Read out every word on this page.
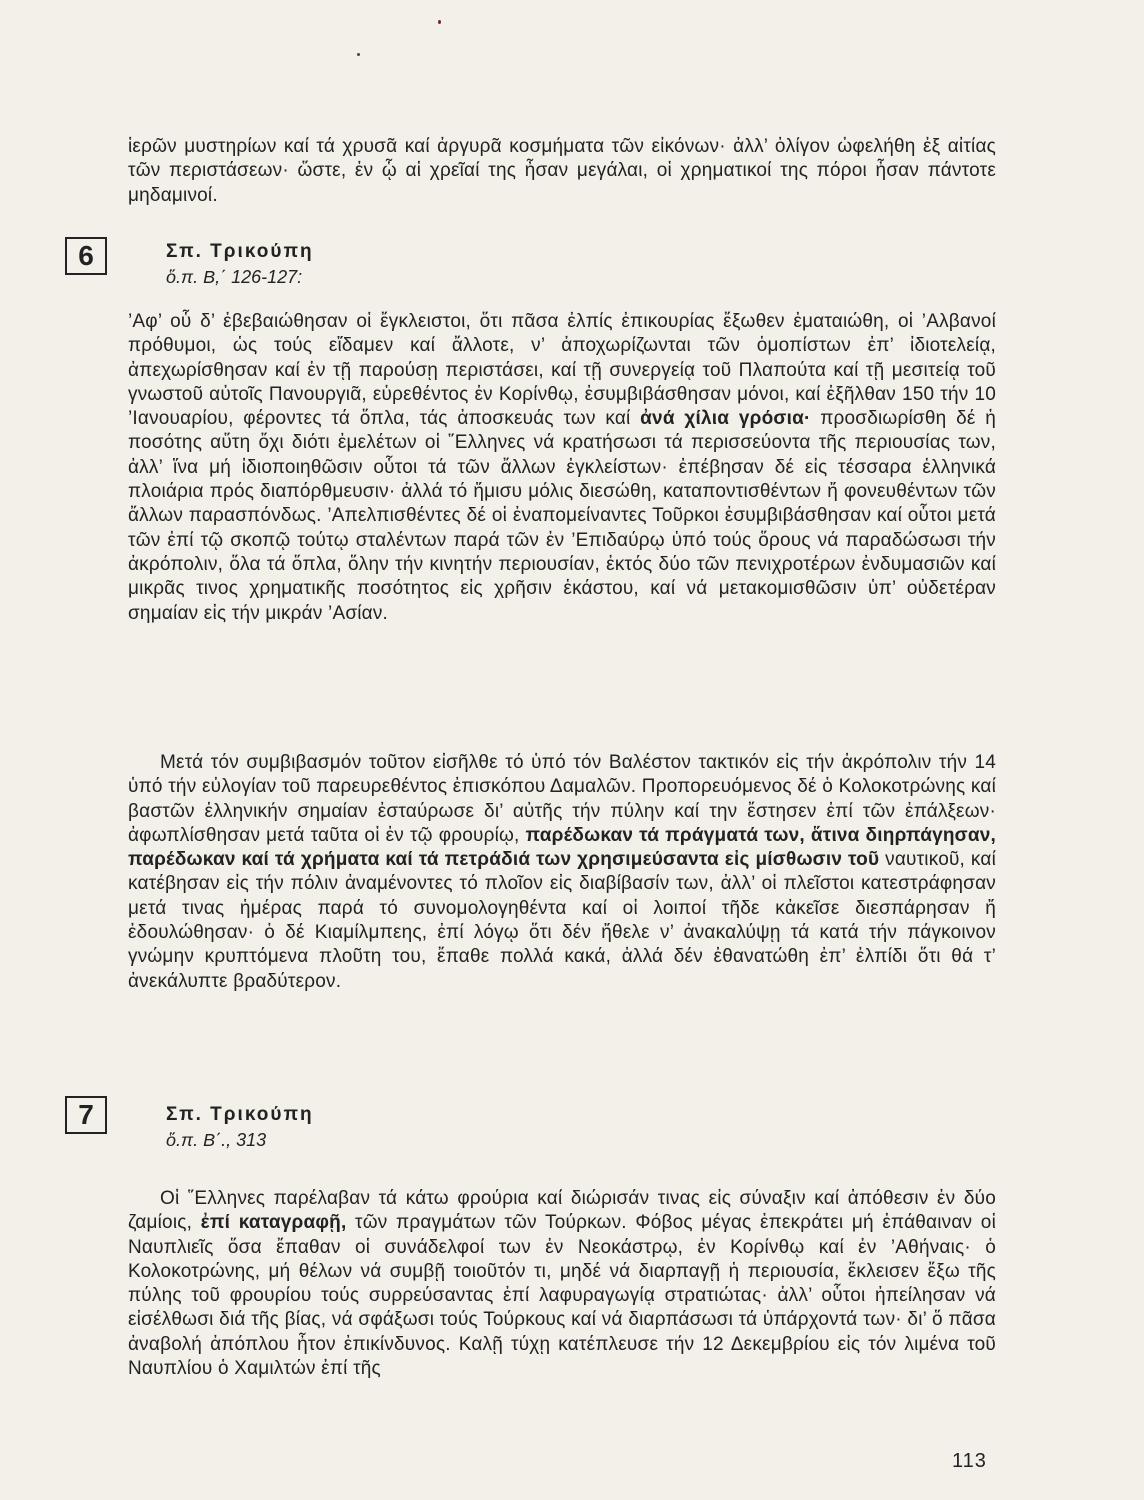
ἱερῶν μυστηρίων καί τά χρυσᾶ καί ἀργυρᾶ κοσμήματα τῶν εἰκόνων· ἀλλ’ ὀλίγον ὠφελήθη ἐξ αἰτίας τῶν περιστάσεων· ὥστε, ἐν ᾧ αἱ χρεῖαί της ἦσαν μεγάλαι, οἱ χρηματικοί της πόροι ἦσαν πάντοτε μηδαμινοί.

6	Σπ. Τρικούπη
ὅ.π. Β,΄ 126-127:

’Αφ’ οὗ δ’ ἐβεβαιώθησαν οἱ ἔγκλειστοι, ὅτι πᾶσα ἐλπίς ἐπικουρίας ἔξωθεν ἐματαιώθη, οἱ ’Αλβανοί πρόθυμοι, ὡς τούς εἴδαμεν καί ἄλλοτε, ν’ ἀποχωρίζωνται τῶν ὁμοπίστων ἐπ’ ἰδιοτελείᾳ, ἀπεχωρίσθησαν καί ἐν τῇ παρούσῃ περιστάσει, καί τῇ συνεργείᾳ τοῦ Πλαπούτα καί τῇ μεσιτείᾳ τοῦ γνωστοῦ αὐτοῖς Πανουργιᾶ, εὑρεθέντος ἐν Κορίνθῳ, ἐσυμβιβάσθησαν μόνοι, καί ἐξῆλθαν 150 τήν 10 ’Ιανουαρίου, φέροντες τά ὅπλα, τάς ἀποσκευάς των καί ἀνά χίλια γρόσια· προσδιωρίσθη δέ ἡ ποσότης αὕτη ὄχι διότι ἐμελέτων οἱ ῞Ελληνες νά κρατήσωσι τά περισσεύοντα τῆς περιουσίας των, ἀλλ’ ἵνα μή ἰδιοποιηθῶσιν οὗτοι τά τῶν ἄλλων ἐγκλείστων· ἐπέβησαν δέ εἰς τέσσαρα ἑλληνικά πλοιάρια πρός διαπόρθμευσιν· ἀλλά τό ἥμισυ μόλις διεσώθη, καταποντισθέντων ἤ φονευθέντων τῶν ἄλλων παρασπόνδως. ’Απελπισθέντες δέ οἱ ἐναπομείναντες Τοῦρκοι ἐσυμβιβάσθησαν καί οὗτοι μετά τῶν ἐπί τῷ σκοπῷ τούτῳ σταλέντων παρά τῶν ἐν ’Επιδαύρῳ ὑπό τούς ὅρους νά παραδώσωσι τήν ἀκρόπολιν, ὅλα τά ὅπλα, ὅλην τήν κινητήν περιουσίαν, ἐκτός δύο τῶν πενιχροτέρων ἐνδυμασιῶν καί μικρᾶς τινος χρηματικῆς ποσότητος εἰς χρῆσιν ἑκάστου, καί νά μετακομισθῶσιν ὑπ’ οὐδετέραν σημαίαν εἰς τήν μικράν ’Ασίαν.

Μετά τόν συμβιβασμόν τοῦτον εἰσῆλθε τό ὑπό τόν Βαλέστον τακτικόν εἰς τήν ἀκρόπολιν τήν 14 ὑπό τήν εὐλογίαν τοῦ παρευρεθέντος ἐπισκόπου Δαμαλῶν. Προπορευόμενος δέ ὁ Κολοκοτρώνης καί βαστῶν ἑλληνικήν σημαίαν ἐσταύρωσε δι’ αὐτῆς τήν πύλην καί την ἔστησεν ἐπί τῶν ἐπάλξεων· ἀφωπλίσθησαν μετά ταῦτα οἱ ἐν τῷ φρουρίῳ, παρέδωκαν τά πράγματά των, ἅτινα διηρπάγησαν, παρέδωκαν καί τά χρήματα καί τά πετράδιά των χρησιμεύσαντα εἰς μίσθωσιν τοῦ ναυτικοῦ, καί κατέβησαν εἰς τήν πόλιν ἀναμένοντες τό πλοῖον εἰς διαβίβασίν των, ἀλλ’ οἱ πλεῖστοι κατεστράφησαν μετά τινας ἡμέρας παρά τό συνομολογηθέντα καί οἱ λοιποί τῆδε κἀκεῖσε διεσπάρησαν ἤ ἐδουλώθησαν· ὁ δέ Κιαμίλμπεης, ἐπί λόγῳ ὅτι δέν ἤθελε ν’ ἀνακαλύψῃ τά κατά τήν πάγκοινον γνώμην κρυπτόμενα πλοῦτη του, ἔπαθε πολλά κακά, ἀλλά δέν ἐθανατώθη ἐπ’ ἐλπίδι ὅτι θά τ’ ἀνεκάλυπτε βραδύτερον.

7	Σπ. Τρικούπη
ὅ.π. Β΄., 313

Οἱ ῞Ελληνες παρέλαβαν τά κάτω φρούρια καί διώρισάν τινας εἰς σύναξιν καί ἀπόθεσιν ἐν δύο ζαμίοις, ἐπί καταγραφῇ, τῶν πραγμάτων τῶν Τούρκων. Φόβος μέγας ἐπεκράτει μή ἐπάθαιναν οἱ Ναυπλιεῖς ὅσα ἔπαθαν οἱ συνάδελφοί των ἐν Νεοκάστρῳ, ἐν Κορίνθῳ καί ἐν ’Αθήναις· ὁ Κολοκοτρώνης, μή θέλων νά συμβῇ τοιοῦτόν τι, μηδέ νά διαρπαγῇ ἡ περιουσία, ἔκλεισεν ἔξω τῆς πύλης τοῦ φρουρίου τούς συρρεύσαντας ἐπί λαφυραγωγίᾳ στρατιώτας· ἀλλ’ οὗτοι ἠπείλησαν νά εἰσέλθωσι διά τῆς βίας, νά σφάξωσι τούς Τούρκους καί νά διαρπάσωσι τά ὑπάρχοντά των· δι’ ὅ πᾶσα ἀναβολή ἀπόπλου ἦτον ἐπικίνδυνος. Καλῇ τύχῃ κατέπλευσε τήν 12 Δεκεμβρίου εἰς τόν λιμένα τοῦ Ναυπλίου ὁ Χαμιλτών ἐπί τῆς

113
